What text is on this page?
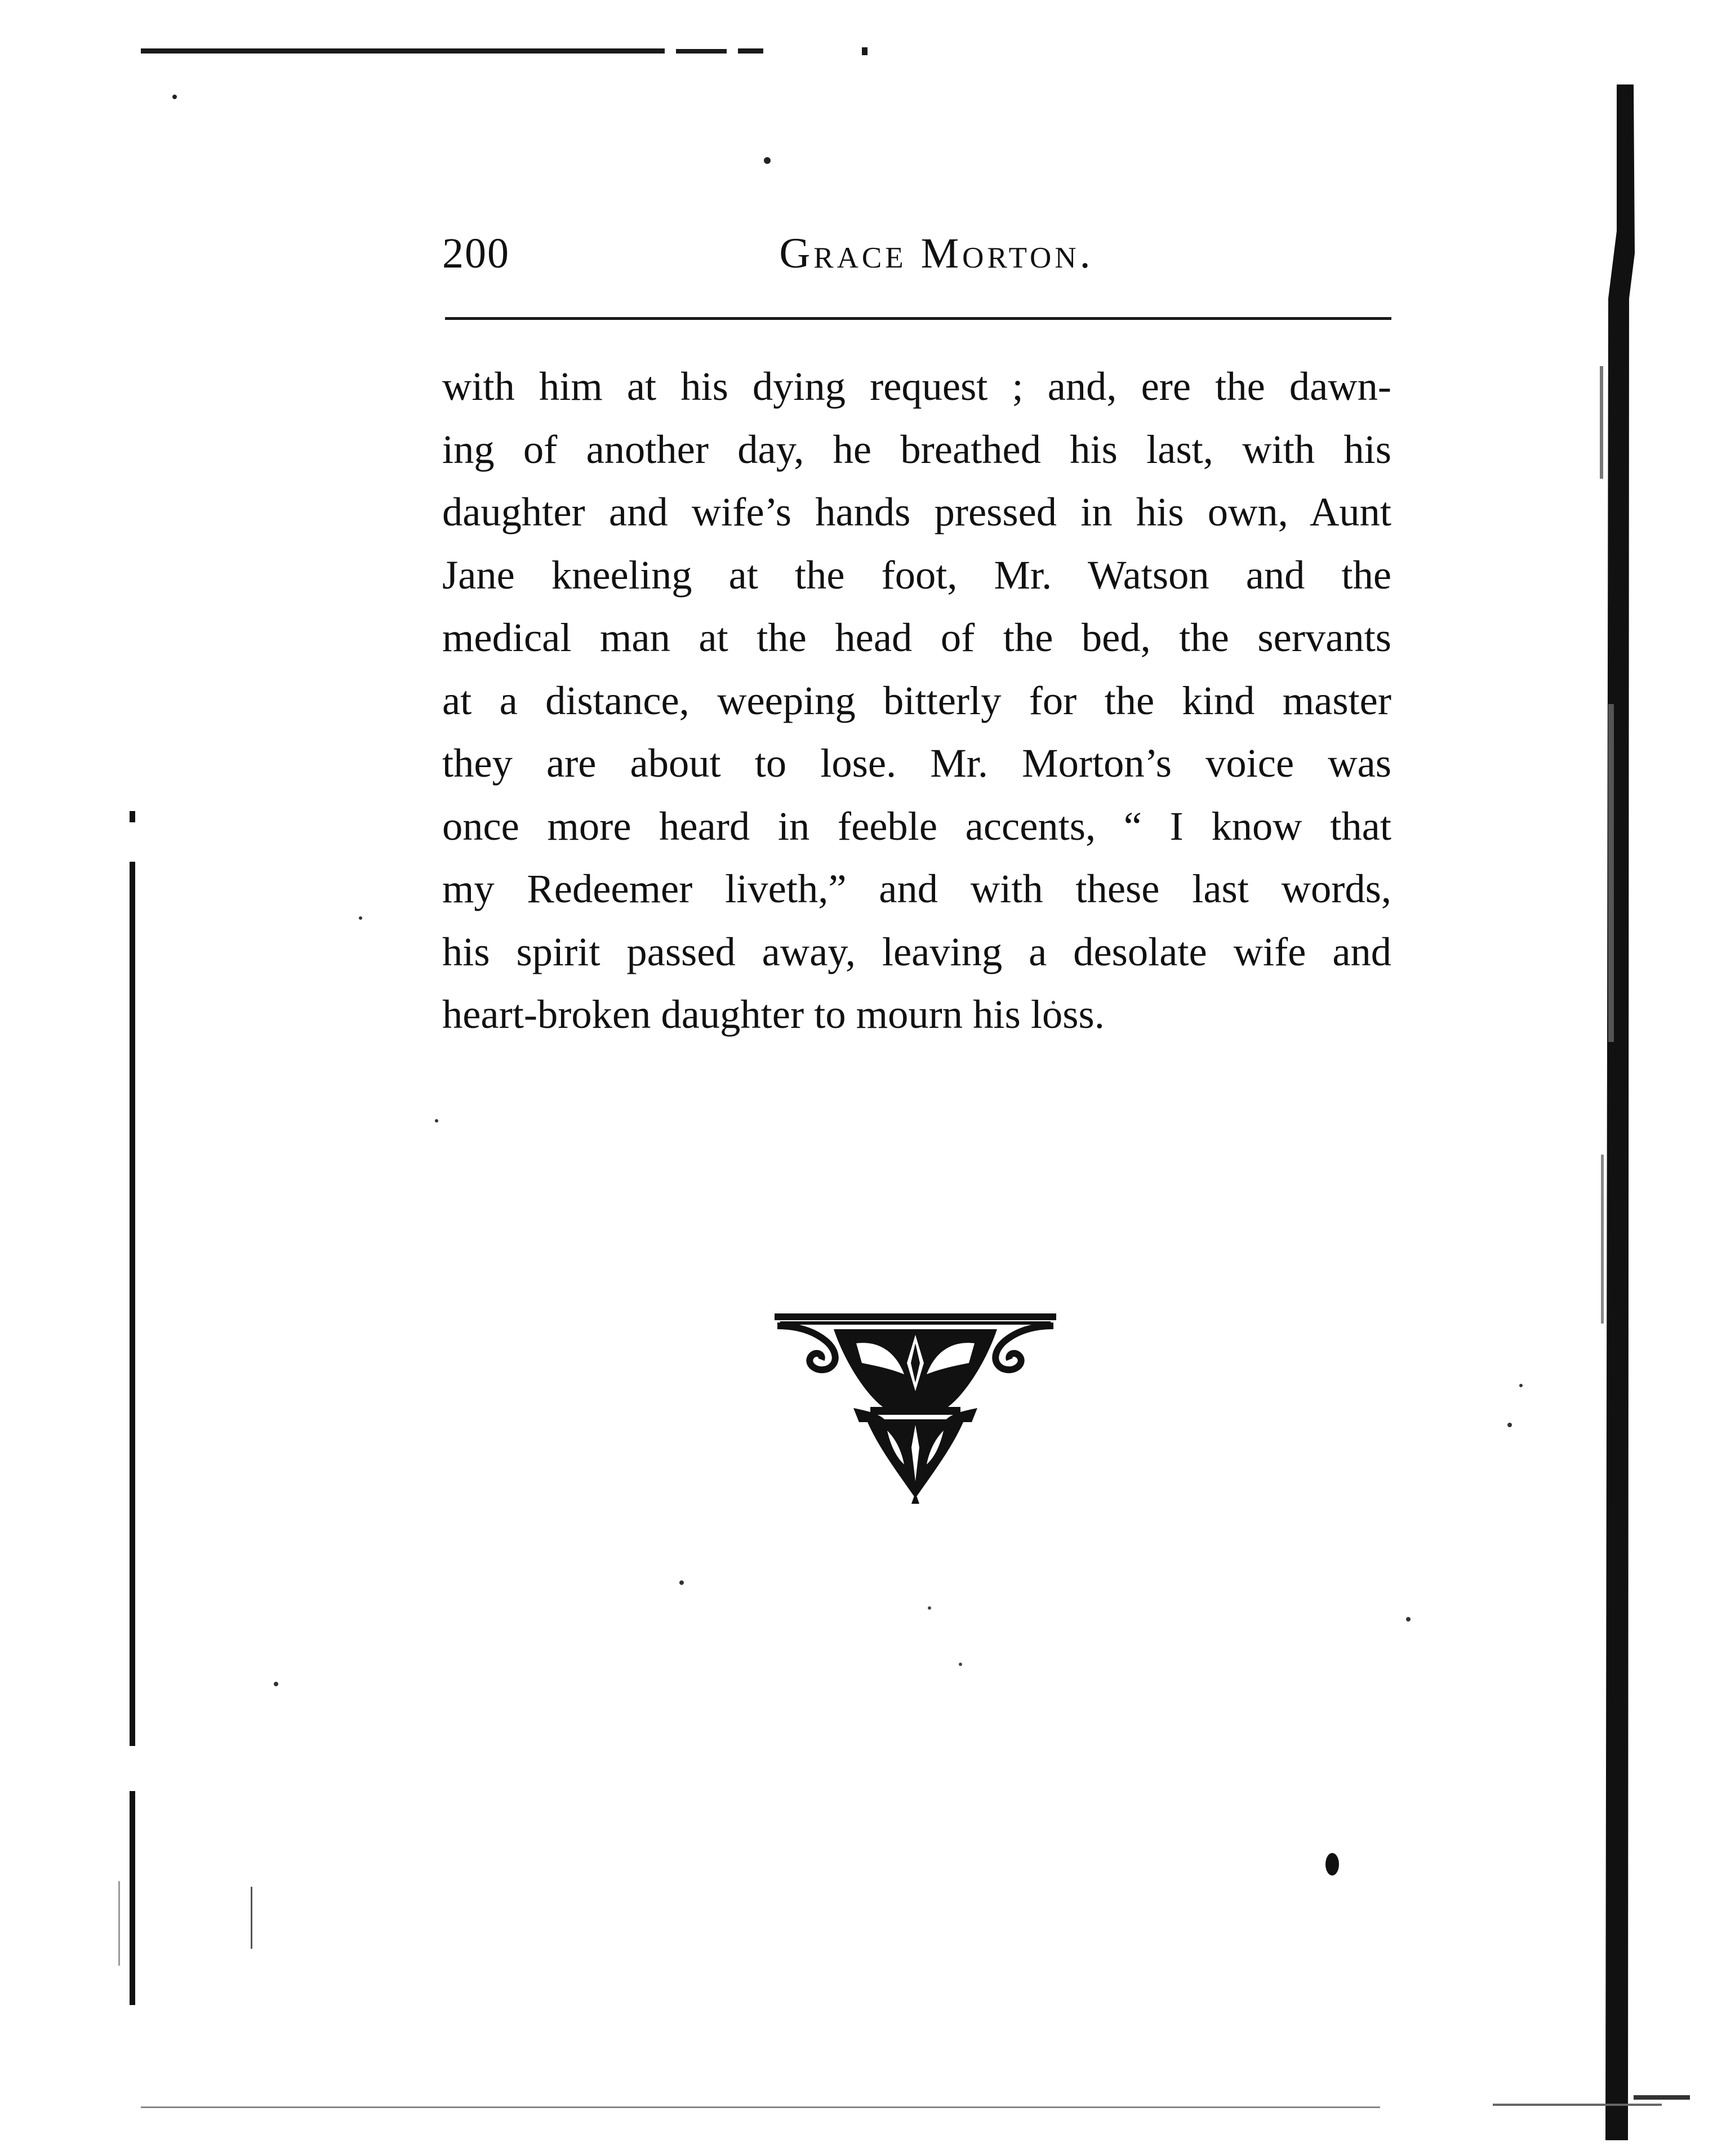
200	Grace Morton.
with him at his dying request ; and, ere the dawn-
ing of another day, he breathed his last, with his
daughter and wife’s hands pressed in his own, Aunt
Jane kneeling at the foot, Mr. Watson and the
medical man at the head of the bed, the servants
at a distance, weeping bitterly for the kind master
they are about to lose. Mr. Morton’s voice was
once more heard in feeble accents, “ I know that
my Redeemer liveth,” and with these last words,
his spirit passed away, leaving a desolate wife and
heart-broken daughter to mourn his loss.
